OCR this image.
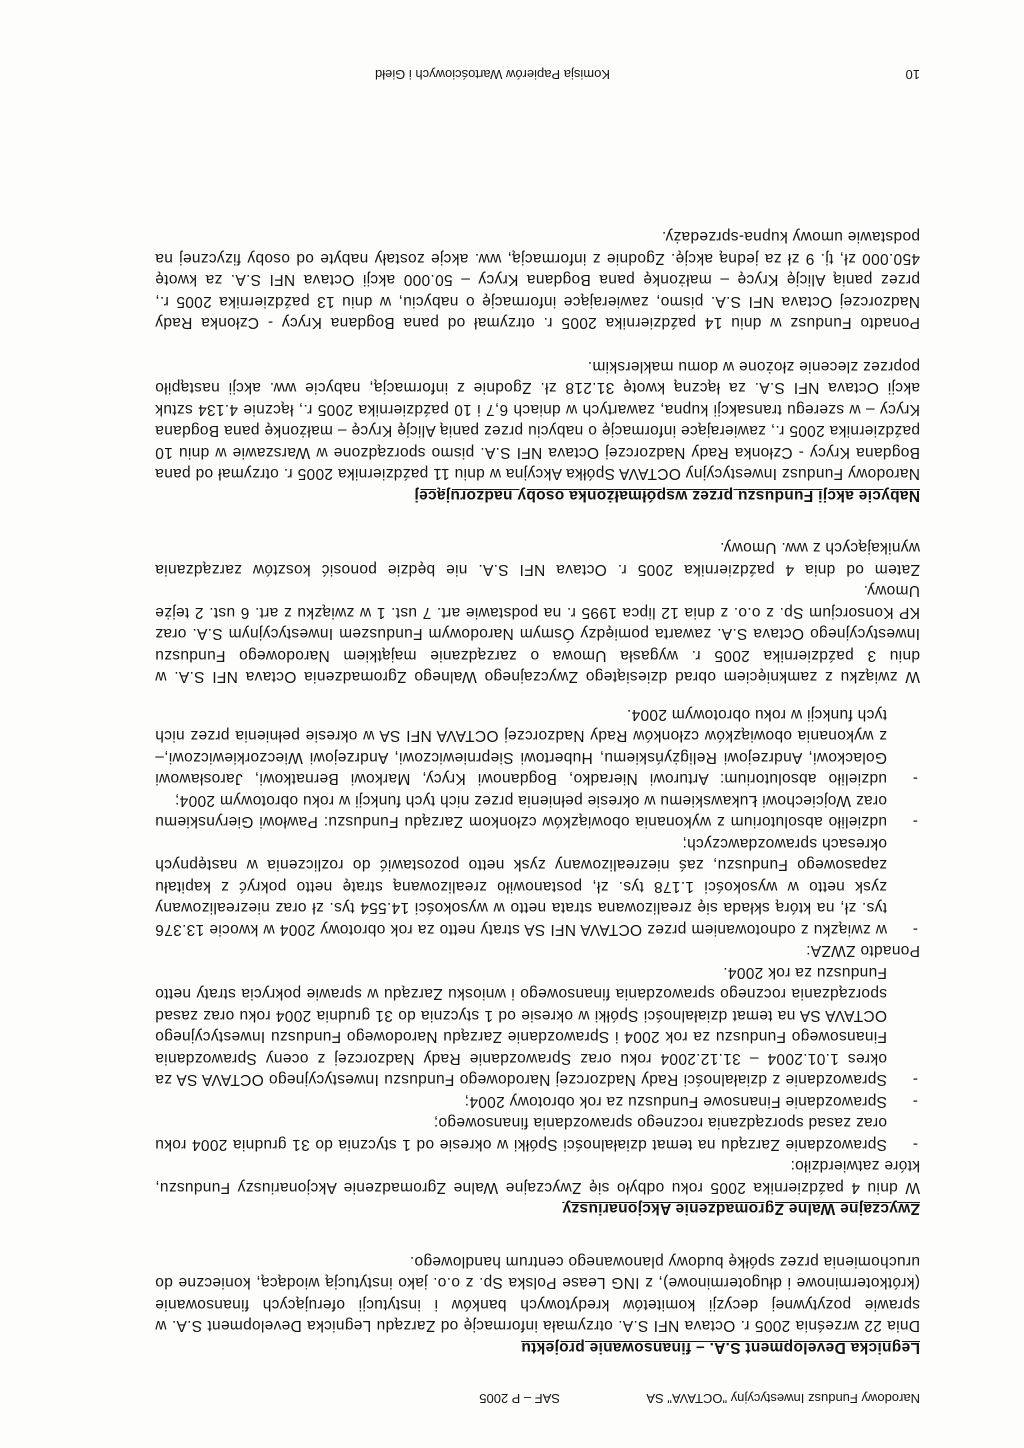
Narodowy Fundusz Inwestycyjny "OCTAVA" SA
SAF – P 2005

Legnicka Development S.A. – finansowanie projektu

Dnia 22 września 2005 r. Octava NFI S.A. otrzymała informację od Zarządu Legnicka Development S.A. w sprawie pozytywnej decyzji komitetów kredytowych banków i instytucji oferujących finansowanie (krótkoterminowe i długoterminowe), z ING Lease Polska Sp. z o.o. jako instytucją wiodącą, konieczne do uruchomienia przez spółkę budowy planowanego centrum handlowego.

Zwyczajne Walne Zgromadzenie Akcjonariuszy

W dniu 4 października 2005 roku odbyło się Zwyczajne Walne Zgromadzenie Akcjonariuszy Funduszu, które zatwierdziło:

-
Sprawozdanie Zarządu na temat działalności Spółki w okresie od 1 stycznia do 31 grudnia 2004 roku oraz zasad sporządzania rocznego sprawozdania finansowego;
-
Sprawozdanie Finansowe Funduszu za rok obrotowy 2004;
-
Sprawozdanie z działalności Rady Nadzorczej Narodowego Funduszu Inwestycyjnego OCTAVA SA za okres 1.01.2004 – 31.12.2004 roku oraz Sprawozdanie Rady Nadzorczej z oceny Sprawozdania Finansowego Funduszu za rok 2004 i Sprawozdanie Zarządu Narodowego Funduszu Inwestycyjnego OCTAVA SA na temat działalności Spółki w okresie od 1 stycznia do 31 grudnia 2004 roku oraz zasad sporządzania rocznego sprawozdania finansowego i wniosku Zarządu w sprawie pokrycia straty netto Funduszu za rok 2004.

Ponadto ZWZA:

-
w związku z odnotowaniem przez OCTAVA NFI SA straty netto za rok obrotowy 2004 w kwocie 13.376 tys. zł, na którą składa się zrealizowana strata netto w wysokości 14.554 tys. zł oraz niezrealizowany zysk netto w wysokości 1.178 tys. zł, postanowiło zrealizowaną stratę netto pokryć z kapitału zapasowego Funduszu, zaś niezrealizowany zysk netto pozostawić do rozliczenia w następnych okresach sprawozdawczych;
-
udzieliło absolutorium z wykonania obowiązków członkom Zarządu Funduszu: Pawłowi Gierynskiemu oraz Wojciechowi Łukawskiemu w okresie pełnienia przez nich tych funkcji w roku obrotowym 2004;
-
udzieliło absolutorium: Arturowi Nieradko, Bogdanowi Krycy, Markowi Bernatkowi, Jarosławowi Golackowi, Andrzejowi Religżyńskiemu, Hubertowi Sieprniewiczowi, Andrzejowi Wieczorkiewiczowi,– z wykonania obowiązków członków Rady Nadzorczej OCTAVA NFI SA w okresie pełnienia przez nich tych funkcji w roku obrotowym 2004.

W związku z zamknięciem obrad dziesiątego Zwyczajnego Walnego Zgromadzenia Octava NFI S.A. w dniu 3 października 2005 r. wygasła Umowa o zarządzanie majątkiem Narodowego Funduszu Inwestycyjnego Octava S.A. zawarta pomiędzy Ósmym Narodowym Funduszem Inwestycyjnym S.A. oraz KP Konsorcjum Sp. z o.o. z dnia 12 lipca 1995 r. na podstawie art. 7 ust. 1 w związku z art. 6 ust. 2 tejże Umowy.

Zatem od dnia 4 października 2005 r. Octava NFI S.A. nie będzie ponosić kosztów zarządzania wynikających z ww. Umowy.

Nabycie akcji Funduszu przez współmałżonka osoby nadzorującej

Narodowy Fundusz Inwestycyjny OCTAVA Spółka Akcyjna w dniu 11 października 2005 r. otrzymał od pana Bogdana Krycy - Członka Rady Nadzorczej Octava NFI S.A. pismo sporządzone w Warszawie w dniu 10 października 2005 r., zawierające informację o nabyciu przez panią Alicję Krycę – małżonkę pana Bogdana Krycy – w szeregu transakcji kupna, zawartych w dniach 6,7 i 10 października 2005 r., łącznie 4.134 sztuk akcji Octava NFI S.A. za łączną kwotę 31.218 zł. Zgodnie z informacją, nabycie ww. akcji nastąpiło poprzez zlecenie złożone w domu maklerskim.

Ponadto Fundusz w dniu 14 października 2005 r. otrzymał od pana Bogdana Krycy - Członka Rady Nadzorczej Octava NFI S.A. pismo, zawierające informację o nabyciu, w dniu 13 października 2005 r., przez panią Alicję Krycę – małżonkę pana Bogdana Krycy – 50.000 akcji Octava NFI S.A. za kwotę 450.000 zł, tj. 9 zł za jedną akcję. Zgodnie z informacją, ww. akcje zostały nabyte od osoby fizycznej na podstawie umowy kupna-sprzedaży.

10
Komisja Papierów Wartościowych i Giełd
